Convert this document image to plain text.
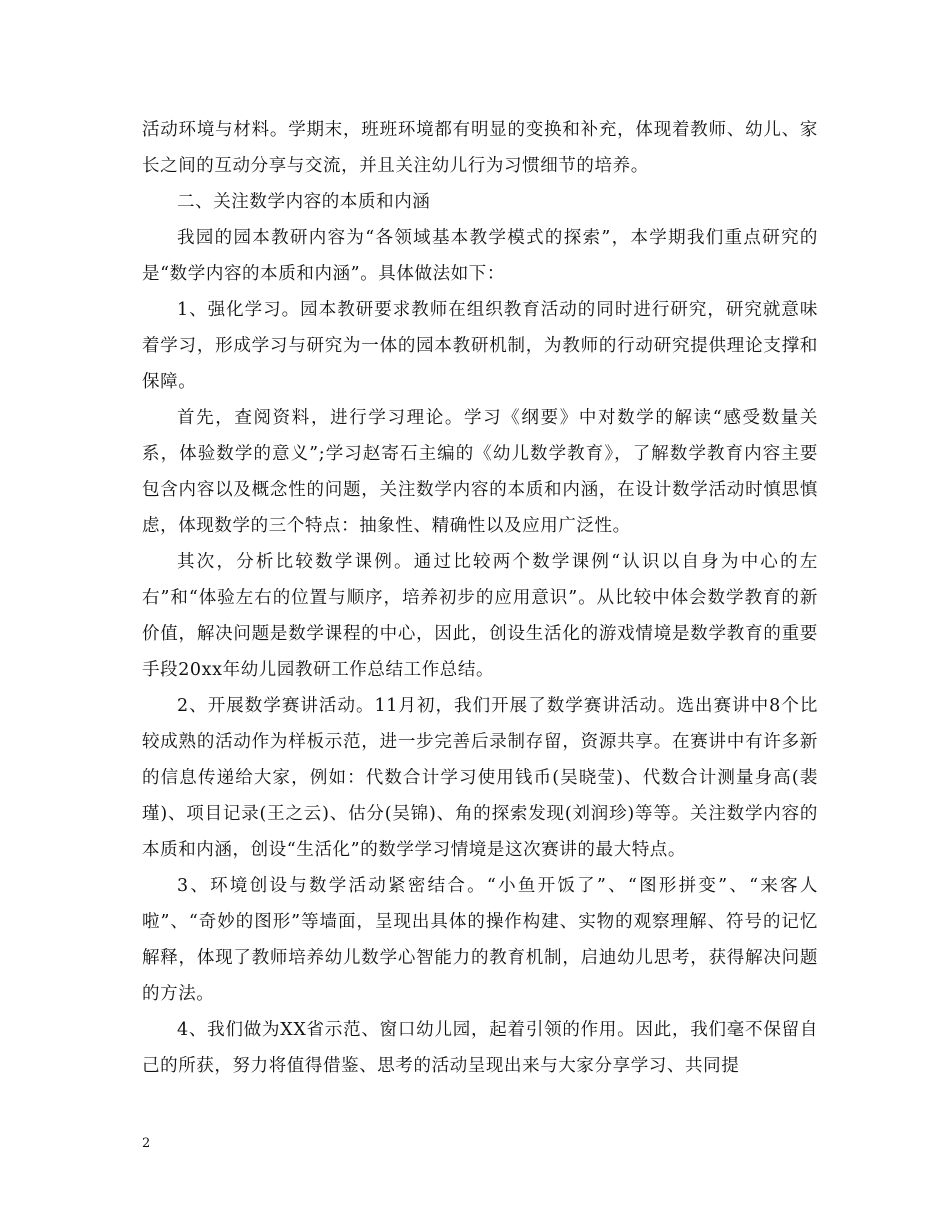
活动环境与材料。学期末，班班环境都有明显的变换和补充，体现着教师、幼儿、家长之间的互动分享与交流，并且关注幼儿行为习惯细节的培养。

二、关注数学内容的本质和内涵

我园的园本教研内容为“各领域基本教学模式的探索”，本学期我们重点研究的是“数学内容的本质和内涵”。具体做法如下：

1、强化学习。园本教研要求教师在组织教育活动的同时进行研究，研究就意味着学习，形成学习与研究为一体的园本教研机制，为教师的行动研究提供理论支撑和保障。

首先，查阅资料，进行学习理论。学习《纲要》中对数学的解读“感受数量关系，体验数学的意义”;学习赵寄石主编的《幼儿数学教育》，了解数学教育内容主要包含内容以及概念性的问题，关注数学内容的本质和内涵，在设计数学活动时慎思慎虑，体现数学的三个特点：抽象性、精确性以及应用广泛性。

其次，分析比较数学课例。通过比较两个数学课例“认识以自身为中心的左右”和“体验左右的位置与顺序，培养初步的应用意识”。从比较中体会数学教育的新价值，解决问题是数学课程的中心，因此，创设生活化的游戏情境是数学教育的重要手段20xx年幼儿园教研工作总结工作总结。

2、开展数学赛讲活动。11月初，我们开展了数学赛讲活动。选出赛讲中8个比较成熟的活动作为样板示范，进一步完善后录制存留，资源共享。在赛讲中有许多新的信息传递给大家，例如：代数合计学习使用钱币(吴晓莹)、代数合计测量身高(裴瑾)、项目记录(王之云)、估分(吴锦)、角的探索发现(刘润珍)等等。关注数学内容的本质和内涵，创设“生活化”的数学学习情境是这次赛讲的最大特点。

3、环境创设与数学活动紧密结合。“小鱼开饭了”、“图形拼变”、“来客人啦”、“奇妙的图形”等墙面，呈现出具体的操作构建、实物的观察理解、符号的记忆解释，体现了教师培养幼儿数学心智能力的教育机制，启迪幼儿思考，获得解决问题的方法。

4、我们做为XX省示范、窗口幼儿园，起着引领的作用。因此，我们毫不保留自己的所获，努力将值得借鉴、思考的活动呈现出来与大家分享学习、共同提

2
